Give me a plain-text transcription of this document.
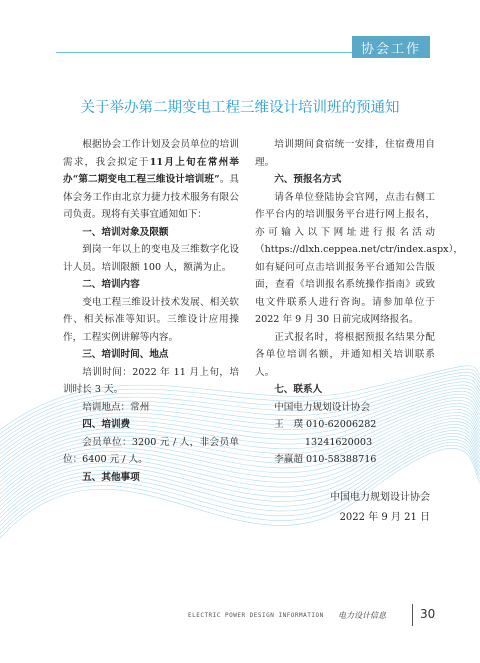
协会工作
关于举办第二期变电工程三维设计培训班的预通知
根据协会工作计划及会员单位的培训需求，我会拟定于11月上旬在常州举办“第二期变电工程三维设计培训班”。具体会务工作由北京力捷力技术服务有限公司负责。现将有关事宜通知如下：
一、培训对象及限额
到岗一年以上的变电及三维数字化设计人员。培训限额 100 人，额满为止。
二、培训内容
变电工程三维设计技术发展、相关软件、相关标准等知识。三维设计应用操作，工程实例讲解等内容。
三、培训时间、地点
培训时间：2022 年 11 月上旬，培训时长 3 天。
培训地点：常州
四、培训费
会员单位：3200 元 / 人，非会员单位：6400 元 / 人。
五、其他事项
培训期间食宿统一安排，住宿费用自理。
六、预报名方式
请各单位登陆协会官网，点击右侧工作平台内的培训服务平台进行网上报名，亦可输入以下网址进行报名活动（https://dlxh.ceppea.net/ctr/index.aspx），如有疑问可点击培训报务平台通知公告版面，查看《培训报名系统操作指南》或致电文件联系人进行咨询。请参加单位于 2022 年 9 月 30 日前完成网络报名。
正式报名时，将根据预报名结果分配各单位培训名额，并通知相关培训联系人。
七、联系人
中国电力规划设计协会
王　璞 010-62006282
13241620003
李赢超 010-58388716
中国电力规划设计协会
2022 年 9 月 21 日
ELECTRIC POWER DESIGN INFORMATION 电力设计信息	30
